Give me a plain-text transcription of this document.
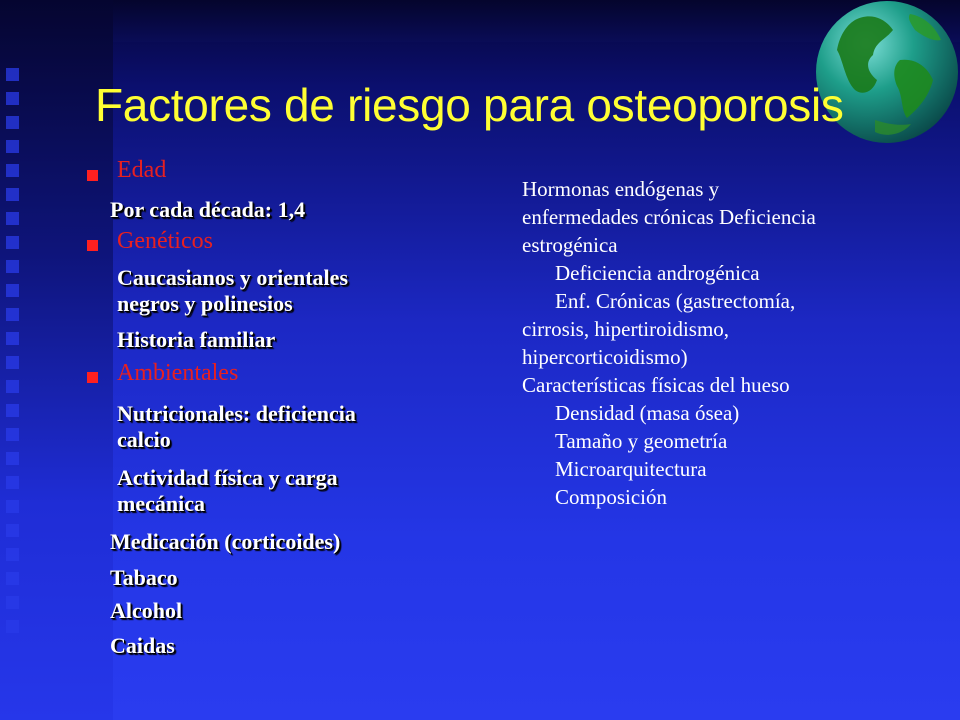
Factores de riesgo para osteoporosis
Edad
Por cada década: 1,4
Genéticos
Caucasianos y orientales
negros y polinesios
Historia familiar
Ambientales
Nutricionales: deficiencia
calcio
Actividad física y carga
mecánica
Medicación (corticoides)
Tabaco
Alcohol
Caidas
Hormonas endógenas y
enfermedades crónicas Deficiencia
estrogénica
Deficiencia androgénica
Enf. Crónicas (gastrectomía,
cirrosis, hipertiroidismo,
hipercorticoidismo)
Características físicas del hueso
Densidad (masa ósea)
Tamaño y geometría
Microarquitectura
Composición
